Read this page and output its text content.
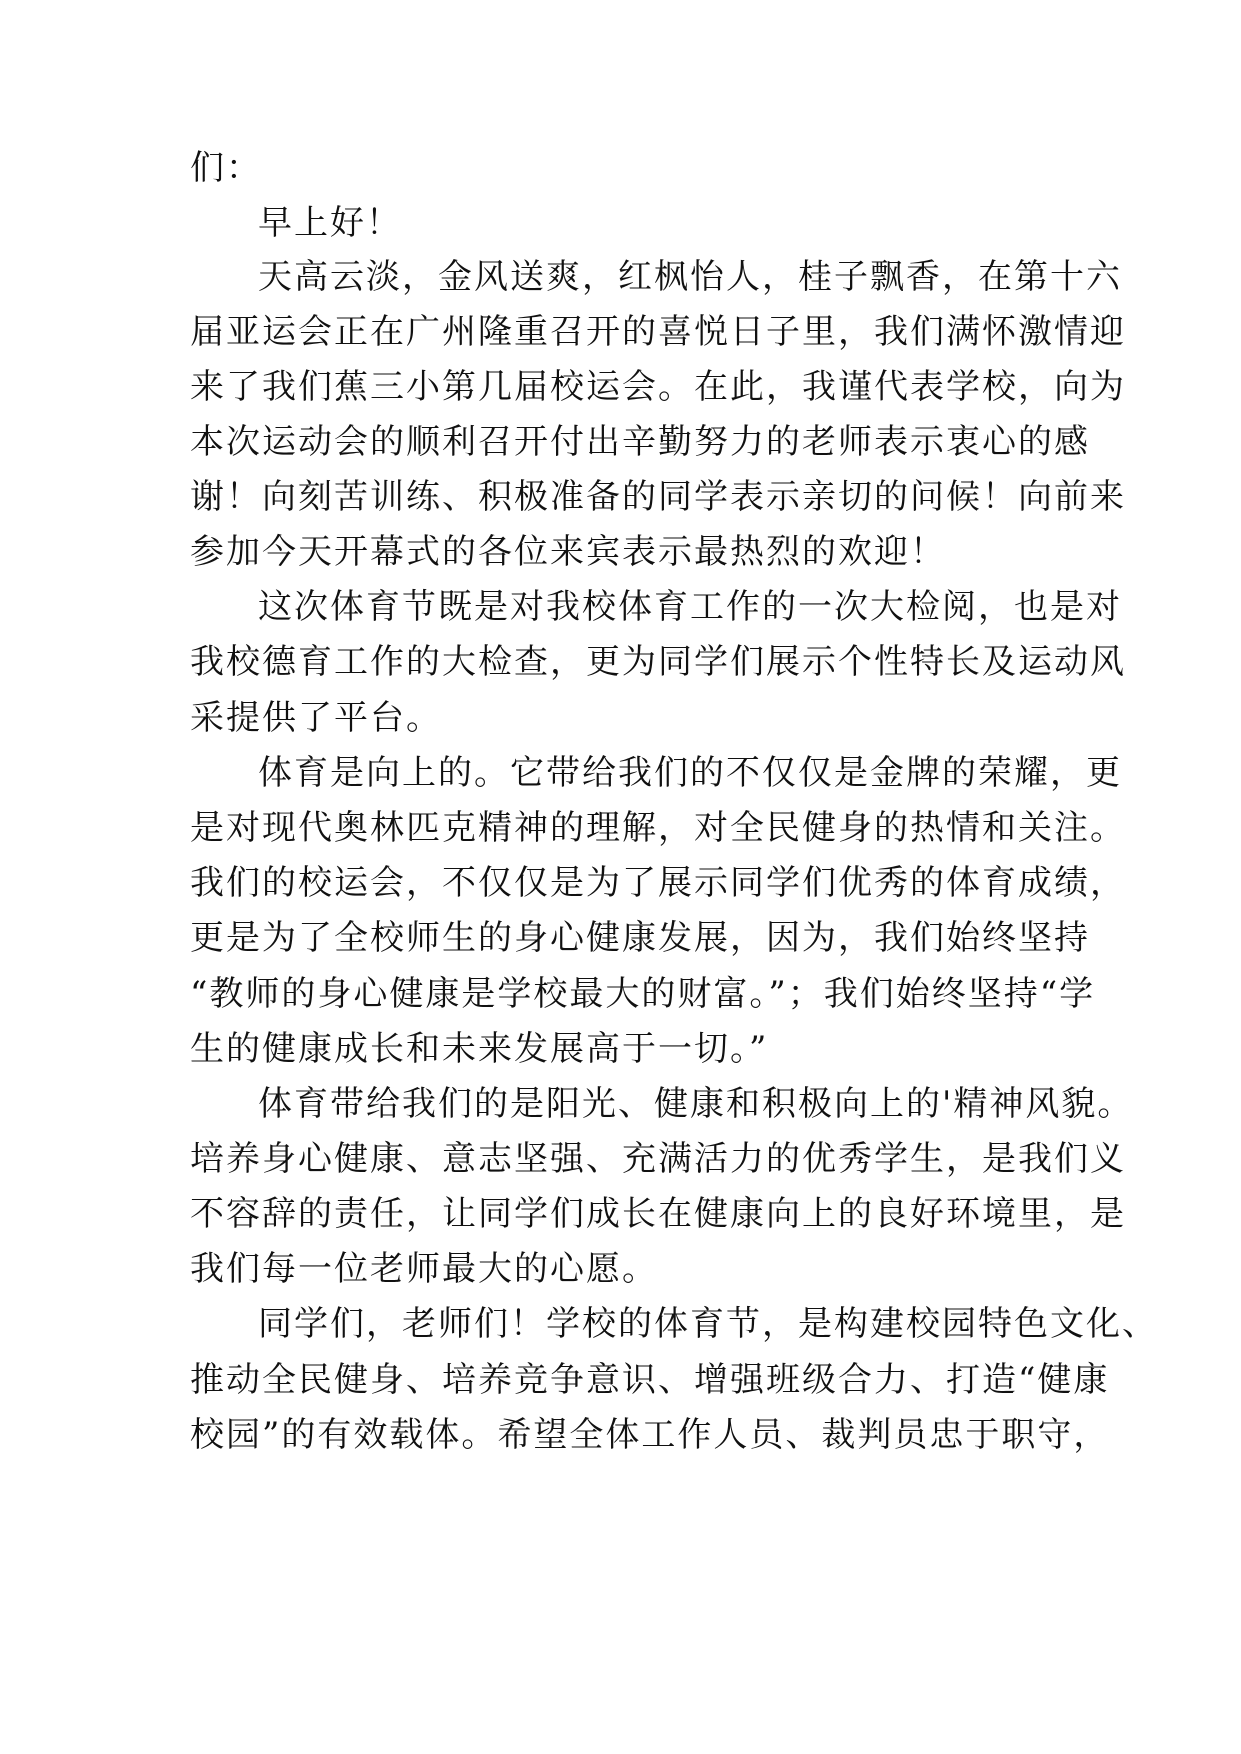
们：
早上好！
天高云淡，金风送爽，红枫怡人，桂子飘香，在第十六
届亚运会正在广州隆重召开的喜悦日子里，我们满怀激情迎
来了我们蕉三小第几届校运会。在此，我谨代表学校，向为
本次运动会的顺利召开付出辛勤努力的老师表示衷心的感
谢！向刻苦训练、积极准备的同学表示亲切的问候！向前来
参加今天开幕式的各位来宾表示最热烈的欢迎！
这次体育节既是对我校体育工作的一次大检阅，也是对
我校德育工作的大检查，更为同学们展示个性特长及运动风
采提供了平台。
体育是向上的。它带给我们的不仅仅是金牌的荣耀，更
是对现代奥林匹克精神的理解，对全民健身的热情和关注。
我们的校运会，不仅仅是为了展示同学们优秀的体育成绩，
更是为了全校师生的身心健康发展，因为，我们始终坚持
“教师的身心健康是学校最大的财富。”；我们始终坚持“学
生的健康成长和未来发展高于一切。”
体育带给我们的是阳光、健康和积极向上的'精神风貌。
培养身心健康、意志坚强、充满活力的优秀学生，是我们义
不容辞的责任，让同学们成长在健康向上的良好环境里，是
我们每一位老师最大的心愿。
同学们，老师们！学校的体育节，是构建校园特色文化、
推动全民健身、培养竞争意识、增强班级合力、打造“健康
校园”的有效载体。希望全体工作人员、裁判员忠于职守，
